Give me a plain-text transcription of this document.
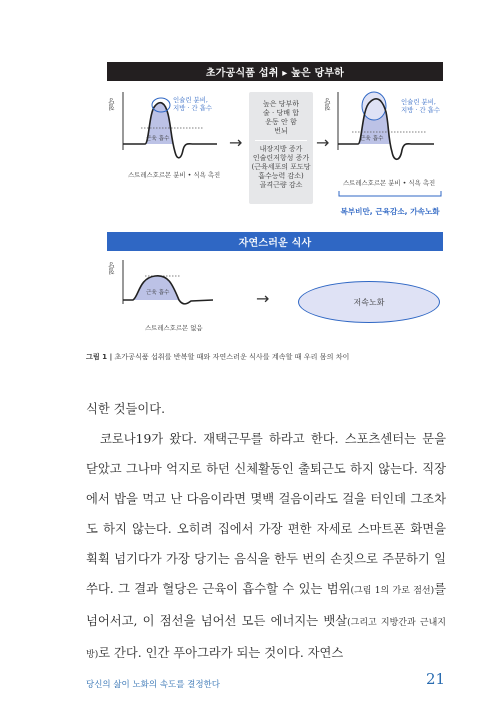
초가공식품 섭취 ▸ 높은 당부하
혈당	인슐린 분비,
지방 · 간 흡수
근육 흡수
스트레스호르몬 분비 • 식욕 촉진
→
높은 당부하
술 · 당배 합
운동 안 함
번뇌
내장지방 증가
인슐린저항성 증가
(근육세포의 포도당
흡수능력 감소)
골격근량 감소
→
혈당	인슐린 분비,
지방 · 간 흡수
근육 흡수
스트레스호르몬 분비 • 식욕 촉진
복부비만, 근육감소, 가속노화
자연스러운 식사
혈당
근육 흡수
스트레스호르몬 없음
→	저속노화
그림 1 | 초가공식품 섭취를 반복할 때와 자연스러운 식사를 계속할 때 우리 몸의 차이

식한 것들이다.

코로나19가 왔다. 재택근무를 하라고 한다. 스포츠센터는 문을 닫았고 그나마 억지로 하던 신체활동인 출퇴근도 하지 않는다. 직장에서 밥을 먹고 난 다음이라면 몇백 걸음이라도 걸을 터인데 그조차도 하지 않는다. 오히려 집에서 가장 편한 자세로 스마트폰 화면을 휙휙 넘기다가 가장 당기는 음식을 한두 번의 손짓으로 주문하기 일쑤다. 그 결과 혈당은 근육이 흡수할 수 있는 범위(그림 1의 가로 점선)를 넘어서고, 이 점선을 넘어선 모든 에너지는 뱃살(그리고 지방간과 근내지방)로 간다. 인간 푸아그라가 되는 것이다. 자연스

당신의 삶이 노화의 속도를 결정한다	21
